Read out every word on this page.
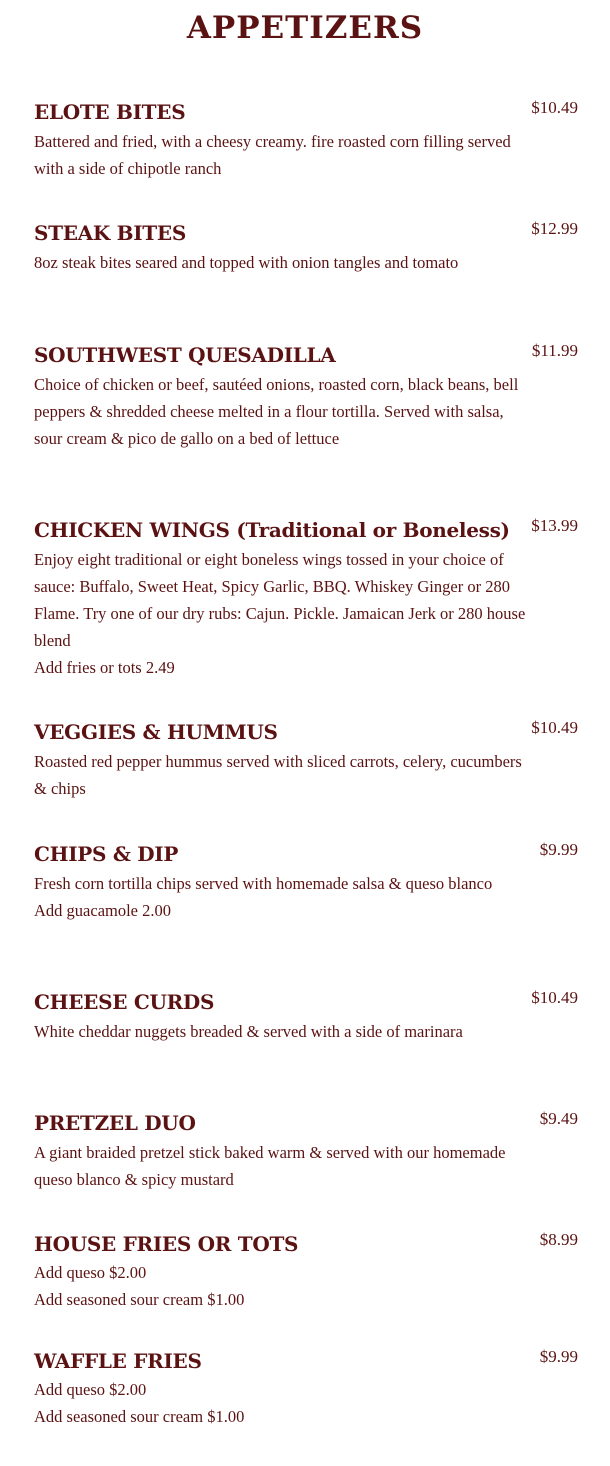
APPETIZERS
ELOTE BITES	$10.49

Battered and fried, with a cheesy creamy. fire roasted corn filling served with a side of chipotle ranch

STEAK BITES	$12.99

8oz steak bites seared and topped with onion tangles and tomato

SOUTHWEST QUESADILLA	$11.99

Choice of chicken or beef, sautéed onions, roasted corn, black beans, bell peppers & shredded cheese melted in a flour tortilla. Served with salsa, sour cream & pico de gallo on a bed of lettuce

CHICKEN WINGS (Traditional or Boneless)	$13.99

Enjoy eight traditional or eight boneless wings tossed in your choice of sauce: Buffalo, Sweet Heat, Spicy Garlic, BBQ. Whiskey Ginger or 280 Flame. Try one of our dry rubs: Cajun. Pickle. Jamaican Jerk or 280 house blend

Add fries or tots 2.49

VEGGIES & HUMMUS	$10.49

Roasted red pepper hummus served with sliced carrots, celery, cucumbers & chips

CHIPS & DIP	$9.99

Fresh corn tortilla chips served with homemade salsa & queso blanco

Add guacamole 2.00

CHEESE CURDS	$10.49

White cheddar nuggets breaded & served with a side of marinara

PRETZEL DUO	$9.49

A giant braided pretzel stick baked warm & served with our homemade queso blanco & spicy mustard

HOUSE FRIES OR TOTS	$8.99

Add queso $2.00

Add seasoned sour cream $1.00

WAFFLE FRIES	$9.99

Add queso $2.00

Add seasoned sour cream $1.00
